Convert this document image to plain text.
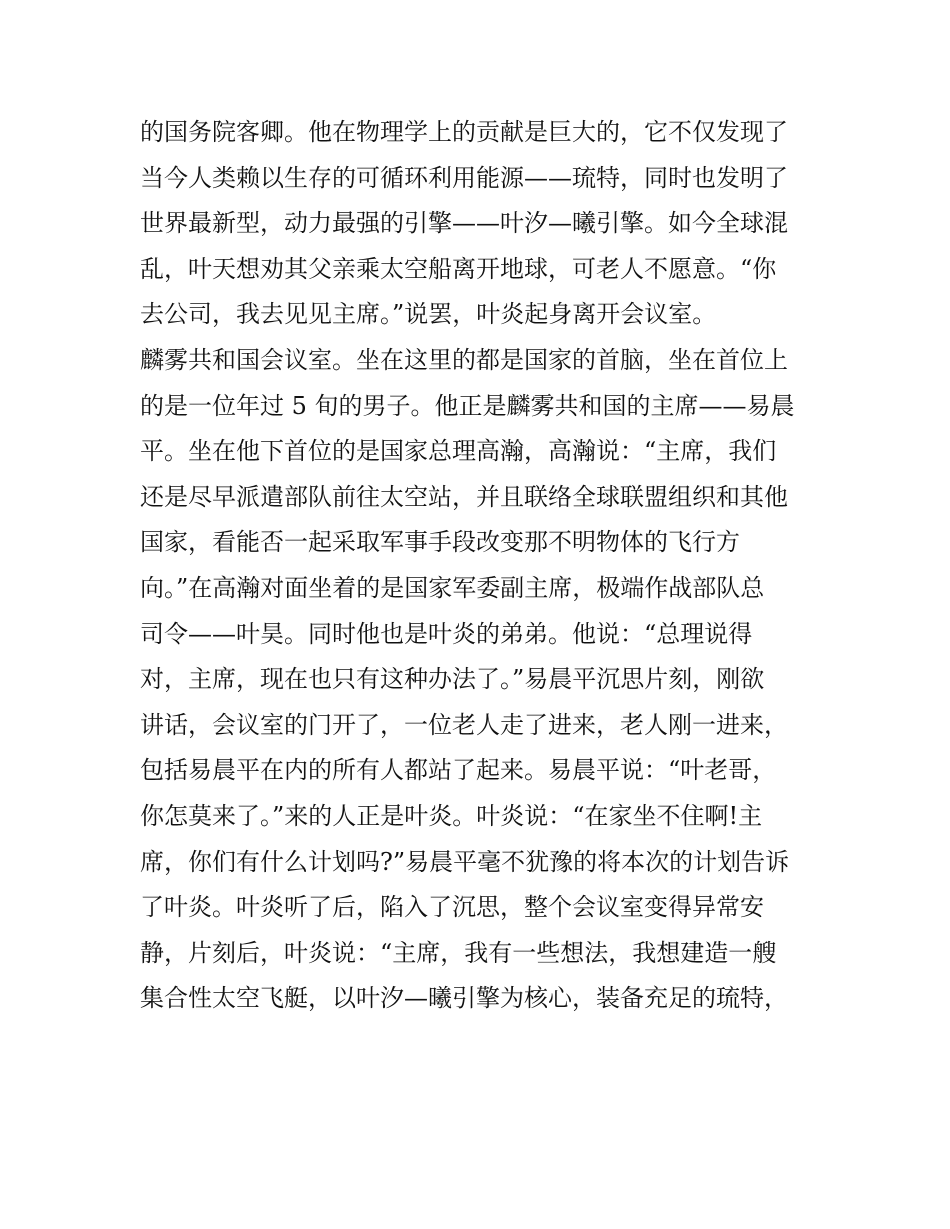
的国务院客卿。他在物理学上的贡献是巨大的，它不仅发现了
当今人类赖以生存的可循环利用能源——琉特，同时也发明了
世界最新型，动力最强的引擎——叶汐—曦引擎。如今全球混
乱，叶天想劝其父亲乘太空船离开地球，可老人不愿意。“你
去公司，我去见见主席。”说罢，叶炎起身离开会议室。
麟雾共和国会议室。坐在这里的都是国家的首脑，坐在首位上
的是一位年过 5 旬的男子。他正是麟雾共和国的主席——易晨
平。坐在他下首位的是国家总理高瀚，高瀚说：“主席，我们
还是尽早派遣部队前往太空站，并且联络全球联盟组织和其他
国家，看能否一起采取军事手段改变那不明物体的飞行方
向。”在高瀚对面坐着的是国家军委副主席，极端作战部队总
司令——叶昊。同时他也是叶炎的弟弟。他说：“总理说得
对，主席，现在也只有这种办法了。”易晨平沉思片刻，刚欲
讲话，会议室的门开了，一位老人走了进来，老人刚一进来，
包括易晨平在内的所有人都站了起来。易晨平说：“叶老哥，
你怎莫来了。”来的人正是叶炎。叶炎说：“在家坐不住啊!主
席，你们有什么计划吗?”易晨平毫不犹豫的将本次的计划告诉
了叶炎。叶炎听了后，陷入了沉思，整个会议室变得异常安
静，片刻后，叶炎说：“主席，我有一些想法，我想建造一艘
集合性太空飞艇，以叶汐—曦引擎为核心，装备充足的琉特，
